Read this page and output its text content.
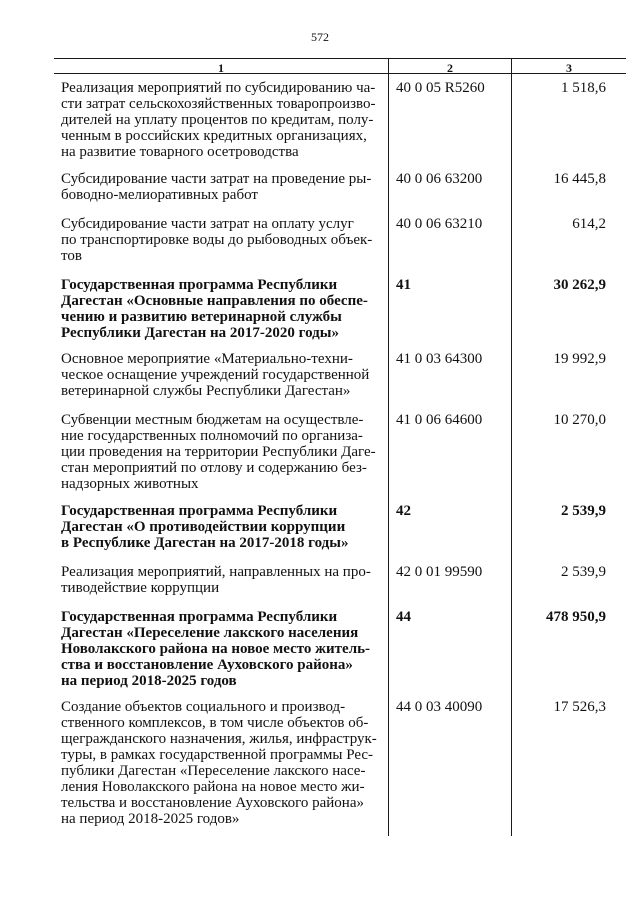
572
1	2	3
Реализация мероприятий по субсидированию ча-
сти затрат сельскохозяйственных товаропроизво-
дителей на уплату процентов по кредитам, полу-
ченным в российских кредитных организациях,
на развитие товарного осетроводства
40 0 05 R5260	1 518,6
Субсидирование части затрат на проведение ры-
боводно-мелиоративных работ
40 0 06 63200	16 445,8
Субсидирование части затрат на оплату услуг
по транспортировке воды до рыбоводных объек-
тов
40 0 06 63210	614,2
Государственная программа Республики
Дагестан «Основные направления по обеспе-
чению и развитию ветеринарной службы
Республики Дагестан на 2017-2020 годы»
41	30 262,9
Основное мероприятие «Материально-техни-
ческое оснащение учреждений государственной
ветеринарной службы Республики Дагестан»
41 0 03 64300	19 992,9
Субвенции местным бюджетам на осуществле-
ние государственных полномочий по организа-
ции проведения на территории Республики Даге-
стан мероприятий по отлову и содержанию без-
надзорных животных
41 0 06 64600	10 270,0
Государственная программа Республики
Дагестан «О противодействии коррупции
в Республике Дагестан на 2017-2018 годы»
42	2 539,9
Реализация мероприятий, направленных на про-
тиводействие коррупции
42 0 01 99590	2 539,9
Государственная программа Республики
Дагестан «Переселение лакского населения
Новолакского района на новое место житель-
ства и восстановление Ауховского района»
на период 2018-2025 годов
44	478 950,9
Создание объектов социального и производ-
ственного комплексов, в том числе объектов об-
щегражданского назначения, жилья, инфраструк-
туры, в рамках государственной программы Рес-
публики Дагестан «Переселение лакского насе-
ления Новолакского района на новое место жи-
тельства и восстановление Ауховского района»
на период 2018-2025 годов»
44 0 03 40090	17 526,3
